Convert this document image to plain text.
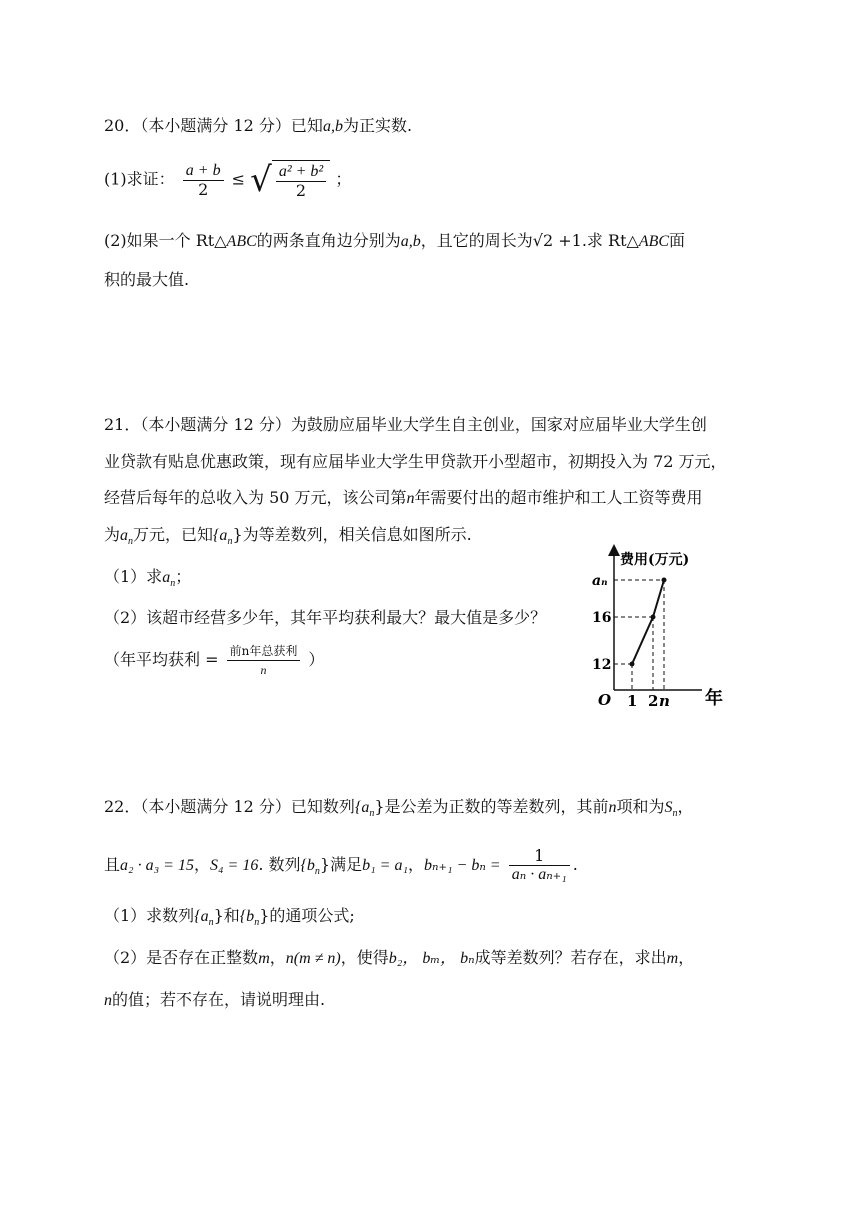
20．（本小题满分 12 分）已知a,b为正实数.
(1)求证： $\frac{a + b}{2}$ ≤ √ $\frac{\text{a² + b²}}{2}$ ；
(2)如果一个 Rt△ABC的两条直角边分别为a,b，且它的周长为√2 +1.求 Rt△ABC面
积的最大值.
21．（本小题满分 12 分）为鼓励应届毕业大学生自主创业，国家对应届毕业大学生创
业贷款有贴息优惠政策，现有应届毕业大学生甲贷款开小型超市，初期投入为 72 万元，
经营后每年的总收入为 50 万元，该公司第n年需要付出的超市维护和工人工资等费用
为$a_n$万元，已知$\{a_n\}$为等差数列，相关信息如图所示.
（1）求$a_n$；
（2）该超市经营多少年，其年平均获利最大？最大值是多少？
（年平均获利 = $\frac{\text{前n年总获利}}{n}$ ）
费用(万元)
年
O 1 2 n
12
16
aₙ
22．（本小题满分 12 分）已知数列$\{a_n\}$是公差为正数的等差数列，其前n项和为$S_n$，
且a₂ · a₃ = 15，S₄ = 16. 数列$\{b_n\}$满足b₁ = a₁，$b_{n+1} - b_n = \frac{1}{\text{aₙ · aₙ₊₁}}$ .
（1）求数列$\{a_n\}$和$\{b_n\}$的通项公式;
（2）是否存在正整数m，n(m ≠ n)，使得b₂， bₘ， bₙ成等差数列？若存在，求出m，
n的值；若不存在，请说明理由.
